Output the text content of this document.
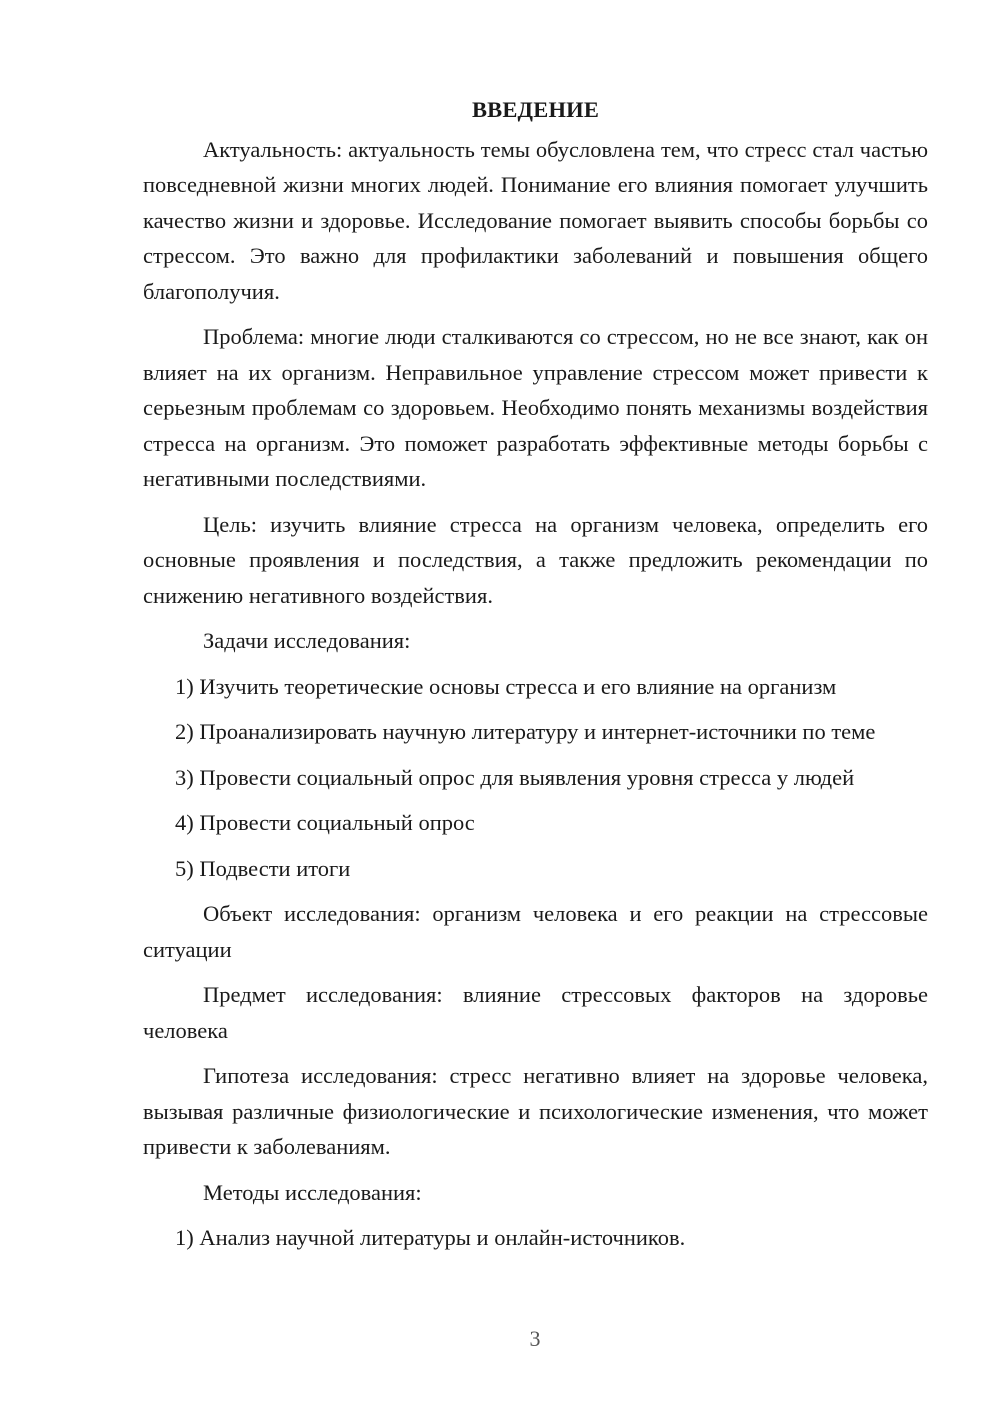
ВВЕДЕНИЕ

Актуальность: актуальность темы обусловлена тем, что стресс стал частью повседневной жизни многих людей. Понимание его влияния помогает улучшить качество жизни и здоровье. Исследование помогает выявить способы борьбы со стрессом. Это важно для профилактики заболеваний и повышения общего благополучия.

Проблема: многие люди сталкиваются со стрессом, но не все знают, как он влияет на их организм. Неправильное управление стрессом может привести к серьезным проблемам со здоровьем. Необходимо понять механизмы воздействия стресса на организм. Это поможет разработать эффективные методы борьбы с негативными последствиями.

Цель: изучить влияние стресса на организм человека, определить его основные проявления и последствия, а также предложить рекомендации по снижению негативного воздействия.

Задачи исследования:

1) Изучить теоретические основы стресса и его влияние на организм

2) Проанализировать научную литературу и интернет-источники по теме

3) Провести социальный опрос для выявления уровня стресса у людей

4) Провести социальный опрос

5) Подвести итоги

Объект исследования: организм человека и его реакции на стрессовые ситуации

Предмет исследования: влияние стрессовых факторов на здоровье человека

Гипотеза исследования: стресс негативно влияет на здоровье человека, вызывая различные физиологические и психологические изменения, что может привести к заболеваниям.

Методы исследования:

1) Анализ научной литературы и онлайн-источников.

3
